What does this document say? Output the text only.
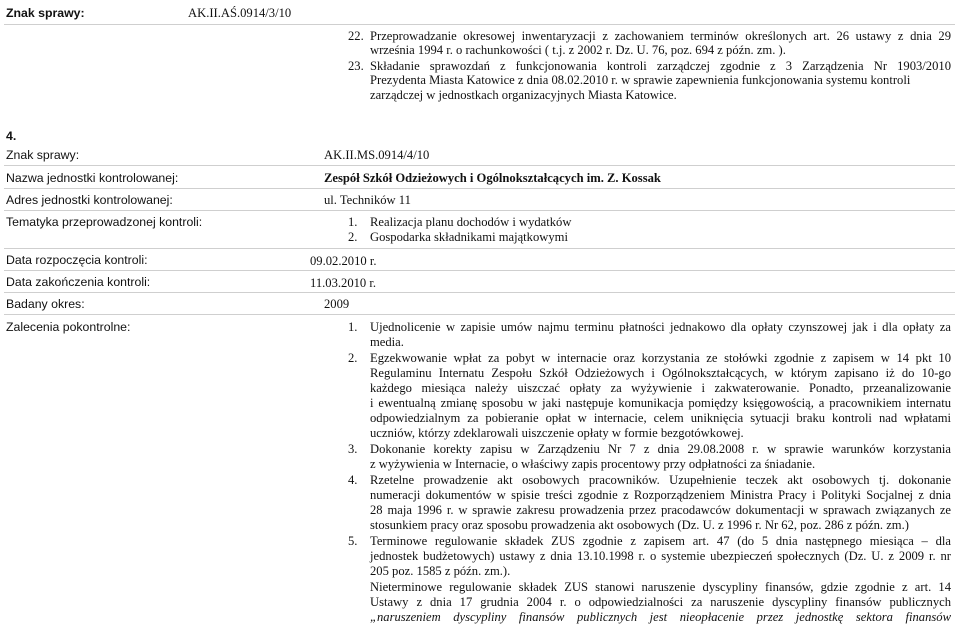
Znak sprawy:	AK.II.AŚ.0914/3/10
22. Przeprowadzanie okresowej inwentaryzacji z zachowaniem terminów określonych art. 26 ustawy z dnia 29
września 1994 r. o rachunkowości ( t.j. z 2002 r. Dz. U. 76, poz. 694 z późn. zm. ).
23. Składanie sprawozdań z funkcjonowania kontroli zarządczej zgodnie z 3 Zarządzenia Nr 1903/2010
Prezydenta Miasta Katowice z dnia 08.02.2010 r. w sprawie zapewnienia funkcjonowania systemu kontroli
zarządczej w jednostkach organizacyjnych Miasta Katowice.
4.
Znak sprawy:	AK.II.MS.0914/4/10
Nazwa jednostki kontrolowanej:	Zespół Szkół Odzieżowych i Ogólnokształcących im. Z. Kossak
Adres jednostki kontrolowanej:	ul. Techników 11
Tematyka przeprowadzonej kontroli:	1. Realizacja planu dochodów i wydatków
2. Gospodarka składnikami majątkowymi
Data rozpoczęcia kontroli:	09.02.2010 r.
Data zakończenia kontroli:	11.03.2010 r.
Badany okres:	2009
Zalecenia pokontrolne:	1. Ujednolicenie w zapisie umów najmu terminu płatności jednakowo dla opłaty czynszowej jak i dla opłaty za
media.
2. Egzekwowanie wpłat za pobyt w internacie oraz korzystania ze stołówki zgodnie z zapisem w 14 pkt 10
Regulaminu Internatu Zespołu Szkół Odzieżowych i Ogólnokształcących, w którym zapisano iż do 10-go
każdego miesiąca należy uiszczać opłaty za wyżywienie i zakwaterowanie. Ponadto, przeanalizowanie
i ewentualną zmianę sposobu w jaki następuje komunikacja pomiędzy księgowością, a pracownikiem internatu
odpowiedzialnym za pobieranie opłat w internacie, celem uniknięcia sytuacji braku kontroli nad wpłatami
uczniów, którzy zdeklarowali uiszczenie opłaty w formie bezgotówkowej.
3. Dokonanie korekty zapisu w Zarządzeniu Nr 7 z dnia 29.08.2008 r. w sprawie warunków korzystania
z wyżywienia w Internacie, o właściwy zapis procentowy przy odpłatności za śniadanie.
4. Rzetelne prowadzenie akt osobowych pracowników. Uzupełnienie teczek akt osobowych tj. dokonanie
numeracji dokumentów w spisie treści zgodnie z Rozporządzeniem Ministra Pracy i Polityki Socjalnej z dnia
28 maja 1996 r. w sprawie zakresu prowadzenia przez pracodawców dokumentacji w sprawach związanych ze
stosunkiem pracy oraz sposobu prowadzenia akt osobowych (Dz. U. z 1996 r. Nr 62, poz. 286 z późn. zm.)
5. Terminowe regulowanie składek ZUS zgodnie z zapisem art. 47 (do 5 dnia następnego miesiąca – dla
jednostek budżetowych) ustawy z dnia 13.10.1998 r. o systemie ubezpieczeń społecznych (Dz. U. z 2009 r. nr
205 poz. 1585 z późn. zm.).
Nieterminowe regulowanie składek ZUS stanowi naruszenie dyscypliny finansów, gdzie zgodnie z art. 14
Ustawy z dnia 17 grudnia 2004 r. o odpowiedzialności za naruszenie dyscypliny finansów publicznych
„naruszeniem dyscypliny finansów publicznych jest nieopłacenie przez jednostkę sektora finansów
